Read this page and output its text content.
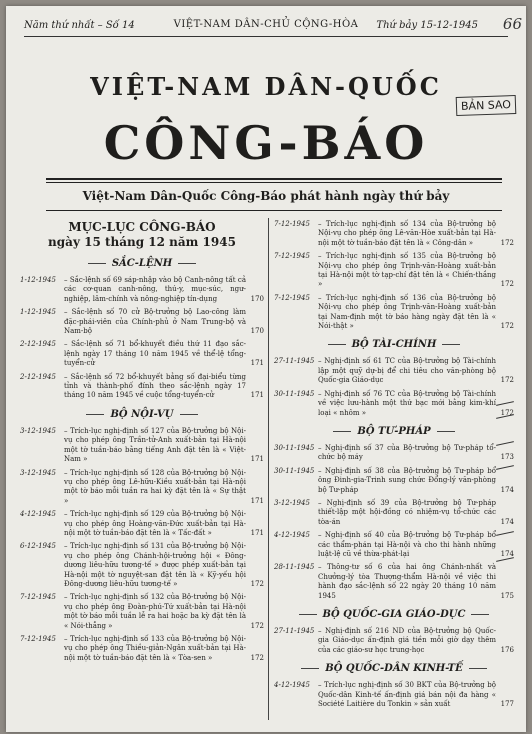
Năm thứ nhất – Số 14	VIỆT-NAM DÂN-CHỦ CỘNG-HÒA	Thứ bảy 15-12-1945 66
VIỆT-NAM DÂN-QUỐC
BẢN SAO
CÔNG-BÁO
Việt-Nam Dân-Quốc Công-Báo phát hành ngày thứ bảy
MỤC-LỤC CÔNG-BÁO
ngày 15 tháng 12 năm 1945
SẮC-LỆNH
1-12-1945	– Sắc-lệnh số 69 sáp-nhập vào bộ Canh-nông tất cả các cơ-quan canh-nông, thú-y, mục-súc, ngư-nghiệp, lâm-chính và nông-nghiệp tín-dụng	170
1-12-1945	– Sắc-lệnh số 70 cử Bộ-trưởng bộ Lao-công làm đặc-phái-viên của Chính-phủ ở Nam Trung-bộ và Nam-bộ	170
2-12-1945	– Sắc-lệnh số 71 bổ-khuyết điều thứ 11 đạo sắc-lệnh ngày 17 tháng 10 năm 1945 về thể-lệ tổng-tuyển-cử	171
2-12-1945	– Sắc-lệnh số 72 bổ-khuyết bảng số đại-biểu từng tỉnh và thành-phố đính theo sắc-lệnh ngày 17 tháng 10 năm 1945 về cuộc tổng-tuyển-cử	171
BỘ NỘI-VỤ
3-12-1945	– Trích-lục nghị-định số 127 của Bộ-trưởng bộ Nội-vụ cho phép ông Trần-tử-Anh xuất-bản tại Hà-nội một tờ tuần-báo bằng tiếng Anh đặt tên là « Việt-Nam »	171
3-12-1945	– Trích-lục nghị-định số 128 của Bộ-trưởng bộ Nội-vụ cho phép ông Lê-hữu-Kiều xuất-bản tại Hà-nội một tờ báo mỗi tuần ra hai kỳ đặt tên là « Sự thật »	171
4-12-1945	– Trích-lục nghị-định số 129 của Bộ-trưởng bộ Nội-vụ cho phép ông Hoàng-văn-Đức xuất-bản tại Hà-nội một tờ tuần-báo đặt tên là « Tấc-đất »	171
6-12-1945	– Trích-lục nghị-định số 131 của Bộ-trưởng bộ Nội-vụ cho phép ông Chánh-hội-trưởng hội « Đông-dương liêu-hữu tương-tế » được phép xuất-bản tại Hà-nội một tờ nguyệt-san đặt tên là « Kỹ-yếu hội Đông-dương liêu-hữu tương-tế »	172
7-12-1945	– Trích-lục nghị-định số 132 của Bộ-trưởng bộ Nội-vụ cho phép ông Đoàn-phú-Tứ xuất-bản tại Hà-nội một tờ báo mỗi tuần lễ ra hai hoặc ba kỳ đặt tên là « Nói-thẳng »	172
7-12-1945	– Trích-lục nghị-định số 133 của Bộ-trưởng bộ Nội-vụ cho phép ông Thiều-giản-Ngân xuất-bản tại Hà-nội một tờ tuần-báo đặt tên là « Tòa-sen »	172
7-12-1945	– Trích-lục nghị-định số 134 của Bộ-trưởng bộ Nội-vụ cho phép ông Lê-văn-Hòe xuất-bản tại Hà-nội một tờ tuần-báo đặt tên là « Công-dân »	172
7-12-1945	– Trích-lục nghị-định số 135 của Bộ-trưởng bộ Nội-vụ cho phép ông Trịnh-văn-Hoàng xuất-bản tại Hà-nội một tờ tạp-chí đặt tên là « Chiến-thắng »	172
7-12-1945	– Trích-lục nghị-định số 136 của Bộ-trưởng bộ Nội-vụ cho phép ông Trịnh-văn-Hoàng xuất-bản tại Nam-định một tờ báo hàng ngày đặt tên là « Nói-thật »	172
BỘ TÀI-CHÍNH
27-11-1945 – Nghị-định số 61 TC của Bộ-trưởng bộ Tài-chính lập một quỹ dự-bị để chi tiêu cho văn-phòng bộ Quốc-gia Giáo-dục	172
30-11-1945 – Nghị-định số 76 TC của Bộ-trưởng bộ Tài-chính về việc lưu-hành một thứ bạc mới bằng kim-khí loại « nhôm »	172
BỘ TƯ-PHÁP
30-11-1945 – Nghị-định số 37 của Bộ-trưởng bộ Tư-pháp tổ-chức bộ máy	173
30-11-1945 – Nghị-định số 38 của Bộ-trưởng bộ Tư-pháp bổ ông Đinh-gia-Trinh sung chức Đổng-lý văn-phòng bộ Tư-pháp	174
3-12-1945	– Nghị-định số 39 của Bộ-trưởng bộ Tư-pháp thiết-lập một hội-đồng có nhiệm-vụ tổ-chức các tòa-án	174
4-12-1945	– Nghị-định số 40 của Bộ-trưởng bộ Tư-pháp bổ các thẩm-phán tại Hà-nội và cho thi hành những luật-lệ cũ về thừa-phát-lại	174
28-11-1945 – Thông-tư số 6 của hai ông Chánh-nhất và Chưởng-lý tòa Thượng-thẩm Hà-nội về việc thi hành đạo sắc-lệnh số 22 ngày 20 tháng 10 năm 1945	175
BỘ QUỐC-GIA GIÁO-DỤC
27-11-1945 – Nghị-định số 216 ND của Bộ-trưởng bộ Quốc-gia Giáo-dục ấn-định giá tiền mỗi giờ dạy thêm của các giáo-sư học trung-học	176
BỘ QUỐC-DÂN KINH-TẾ
4-12-1945	– Trích-lục nghị-định số 30 BKT của Bộ-trưởng bộ Quốc-dân Kinh-tế ấn-định giá bán nội đa hàng « Société Laitière du Tonkin » sản xuất	177
